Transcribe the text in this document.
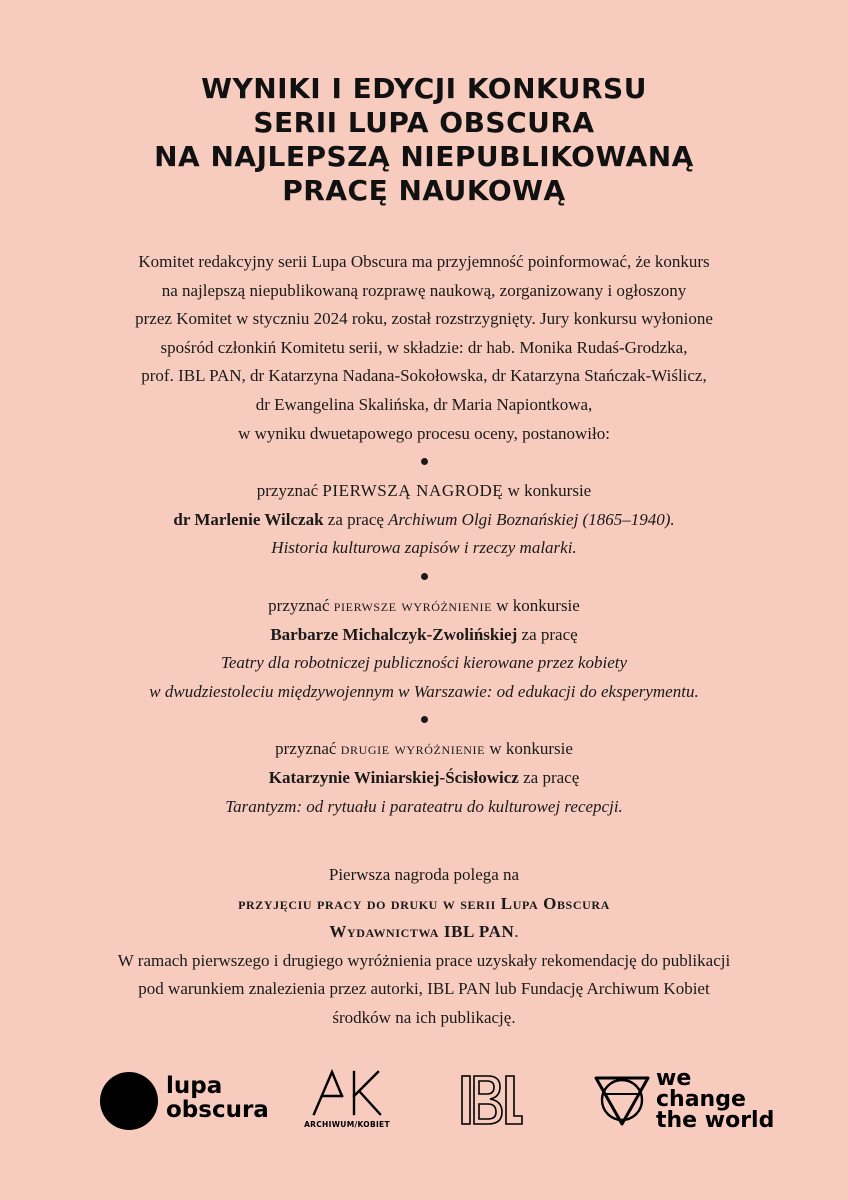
WYNIKI I EDYCJI KONKURSU
SERII LUPA OBSCURA
NA NAJLEPSZĄ NIEPUBLIKOWANĄ
PRACĘ NAUKOWĄ
Komitet redakcyjny serii Lupa Obscura ma przyjemność poinformować, że konkurs
na najlepszą niepublikowaną rozprawę naukową, zorganizowany i ogłoszony
przez Komitet w styczniu 2024 roku, został rozstrzygnięty. Jury konkursu wyłonione
spośród członkiń Komitetu serii, w składzie: dr hab. Monika Rudaś-Grodzka,
prof. IBL PAN, dr Katarzyna Nadana-Sokołowska, dr Katarzyna Stańczak-Wiślicz,
dr Ewangelina Skalińska, dr Maria Napiontkowa,
w wyniku dwuetapowego procesu oceny, postanowiło:
przyznać PIERWSZĄ NAGRODĘ w konkursie
dr Marlenie Wilczak za pracę Archiwum Olgi Boznańskiej (1865–1940).
Historia kulturowa zapisów i rzeczy malarki.
przyznać pierwsze wyróżnienie w konkursie
Barbarze Michalczyk-Zwolińskiej za pracę
Teatry dla robotniczej publiczności kierowane przez kobiety
w dwudziestoleciu międzywojennym w Warszawie: od edukacji do eksperymentu.
przyznać drugie wyróżnienie w konkursie
Katarzynie Winiarskiej-Ścisłowicz za pracę
Tarantyzm: od rytuału i parateatru do kulturowej recepcji.
Pierwsza nagroda polega na
przyjęciu pracy do druku w serii Lupa Obscura
Wydawnictwa IBL PAN.
W ramach pierwszego i drugiego wyróżnienia prace uzyskały rekomendację do publikacji
pod warunkiem znalezienia przez autorki, IBL PAN lub Fundację Archiwum Kobiet
środków na ich publikację.
lupa
obscura
ARCHIWUM/KOBIET
we
change
the world
